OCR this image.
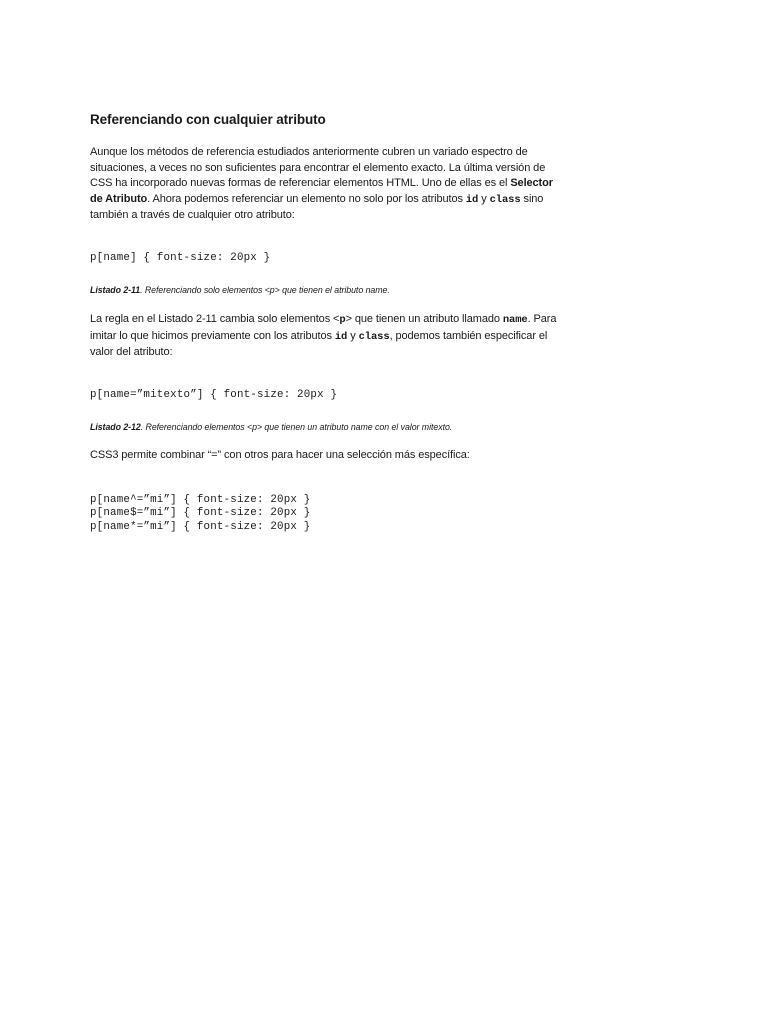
Referenciando con cualquier atributo

Aunque los métodos de referencia estudiados anteriormente cubren un variado espectro de situaciones, a veces no son suficientes para encontrar el elemento exacto. La última versión de CSS ha incorporado nuevas formas de referenciar elementos HTML. Uno de ellas es el Selector de Atributo. Ahora podemos referenciar un elemento no solo por los atributos id y class sino también a través de cualquier otro atributo:

p[name] { font-size: 20px }

Listado 2-11. Referenciando solo elementos <p> que tienen el atributo name.

La regla en el Listado 2-11 cambia solo elementos <p> que tienen un atributo llamado name. Para imitar lo que hicimos previamente con los atributos id y class, podemos también especificar el valor del atributo:

p[name=”mitexto”] { font-size: 20px }

Listado 2-12. Referenciando elementos <p> que tienen un atributo name con el valor mitexto.

CSS3 permite combinar “=” con otros para hacer una selección más específica:

p[name^=”mi”] { font-size: 20px }
p[name$=”mi”] { font-size: 20px }
p[name*=”mi”] { font-size: 20px }
